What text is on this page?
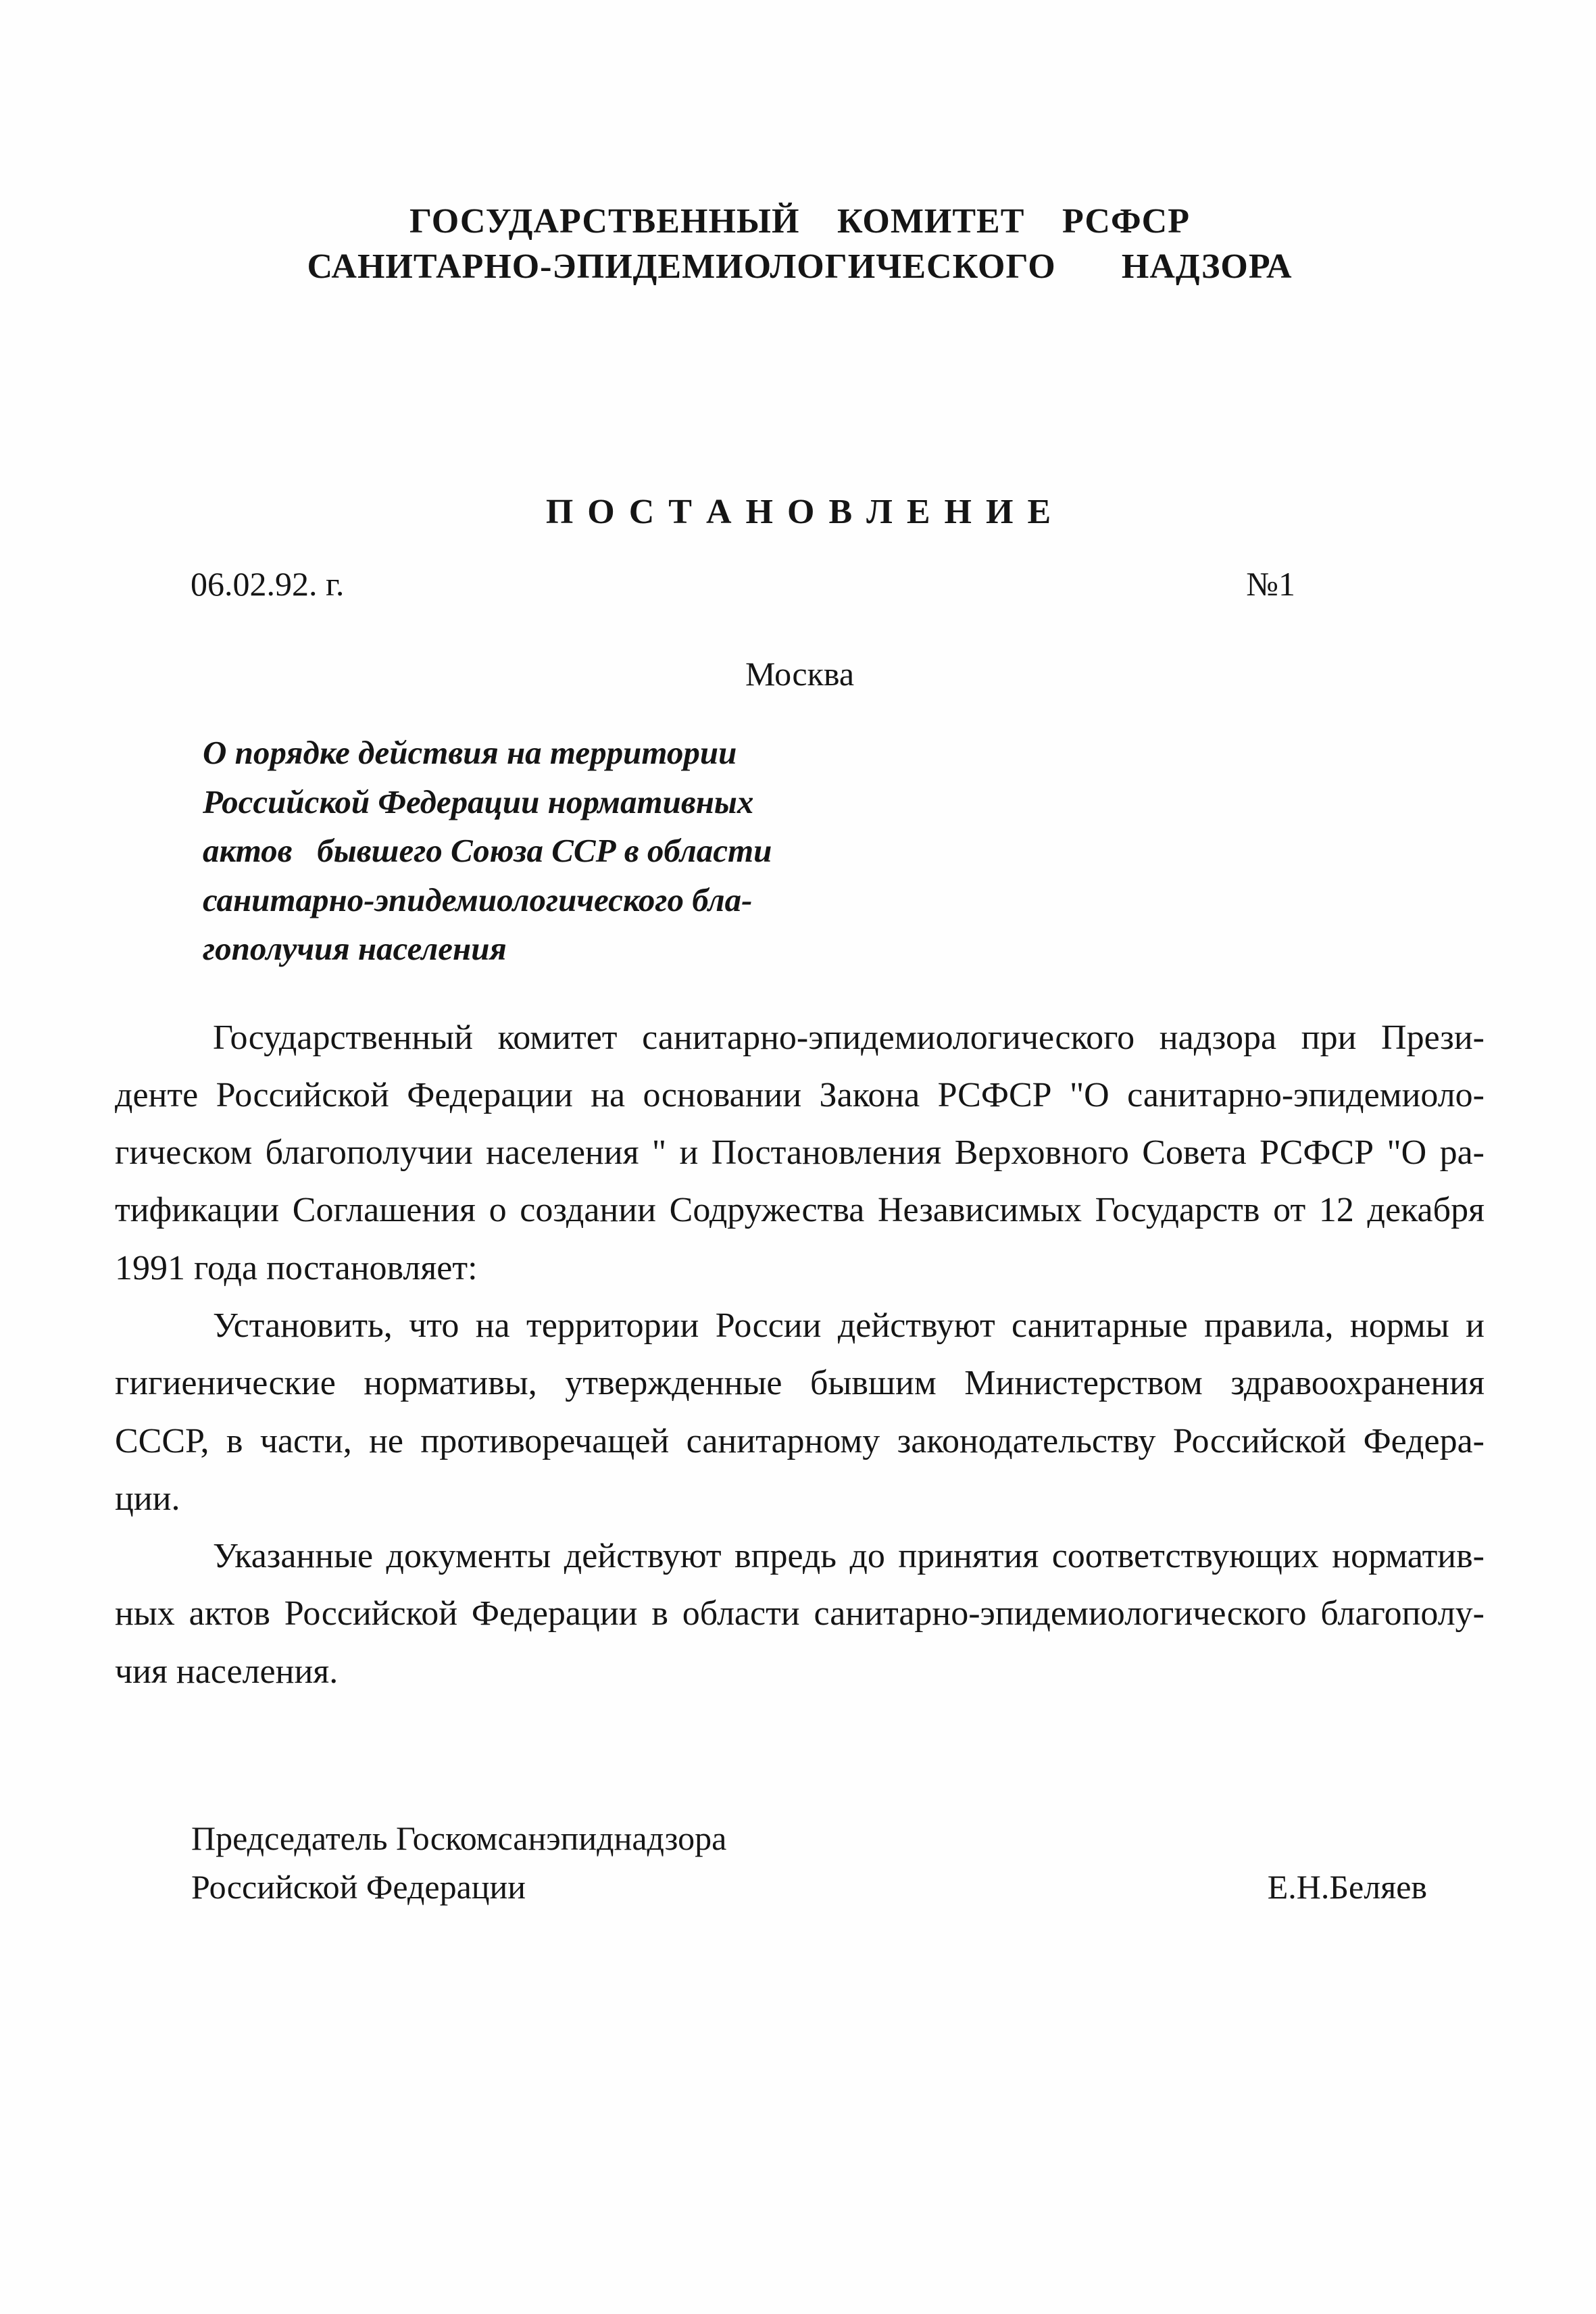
ГОСУДАРСТВЕННЫЙ КОМИТЕТ РСФСР
САНИТАРНО-ЭПИДЕМИОЛОГИЧЕСКОГО НАДЗОРА
П О С Т А Н О В Л Е Н И Е
06.02.92. г.	№1
Москва
О порядке действия на территории
Российской Федерации нормативных
актов   бывшего Союза ССР в области
санитарно-эпидемиологического бла-
гополучия населения
Государственный комитет санитарно-эпидемиологического надзора при Прези-
денте Российской Федерации на основании Закона РСФСР "О санитарно-эпидемиоло-
гическом благополучии населения " и Постановления Верховного Совета РСФСР "О ра-
тификации Соглашения о создании Содружества Независимых Государств от 12 декабря
1991 года постановляет:
Установить, что на территории России действуют санитарные правила, нормы и
гигиенические нормативы, утвержденные бывшим Министерством здравоохранения
СССР, в части, не противоречащей санитарному законодательству Российской Федера-
ции.
Указанные документы действуют впредь до принятия соответствующих норматив-
ных актов Российской Федерации в области санитарно-эпидемиологического благополу-
чия населения.
Председатель Госкомсанэпиднадзора
Российской Федерации	Е.Н.Беляев
